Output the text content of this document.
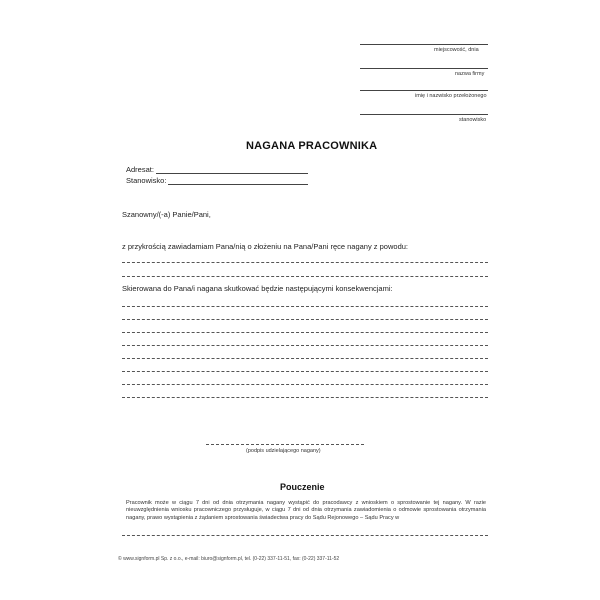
miejscowość, dnia
nazwa firmy
imię i nazwisko przełożonego
stanowisko
NAGANA PRACOWNIKA
Adresat:
Stanowisko:
Szanowny/(-a) Panie/Pani,
z przykrością zawiadamiam Pana/nią o złożeniu na Pana/Pani ręce nagany z powodu:
Skierowana do Pana/i nagana skutkować będzie następującymi konsekwencjami:
(podpis udzielającego nagany)
Pouczenie
Pracownik może w ciągu 7 dni od dnia otrzymania nagany wystąpić do pracodawcy z wnioskiem o sprostowanie tej nagany. W razie nieuwzględnienia wniosku pracowniczego przysługuje, w ciągu 7 dni od dnia otrzymania zawiadomienia o odmowie sprostowania otrzymania nagany, prawo wystąpienia z żądaniem sprostowania świadectwa pracy do Sądu Rejonowego – Sądu Pracy w
© www.signform.pl Sp. z o.o., e-mail: biuro@signform.pl, tel. (0-22) 337-11-51, fax: (0-22) 337-11-52
